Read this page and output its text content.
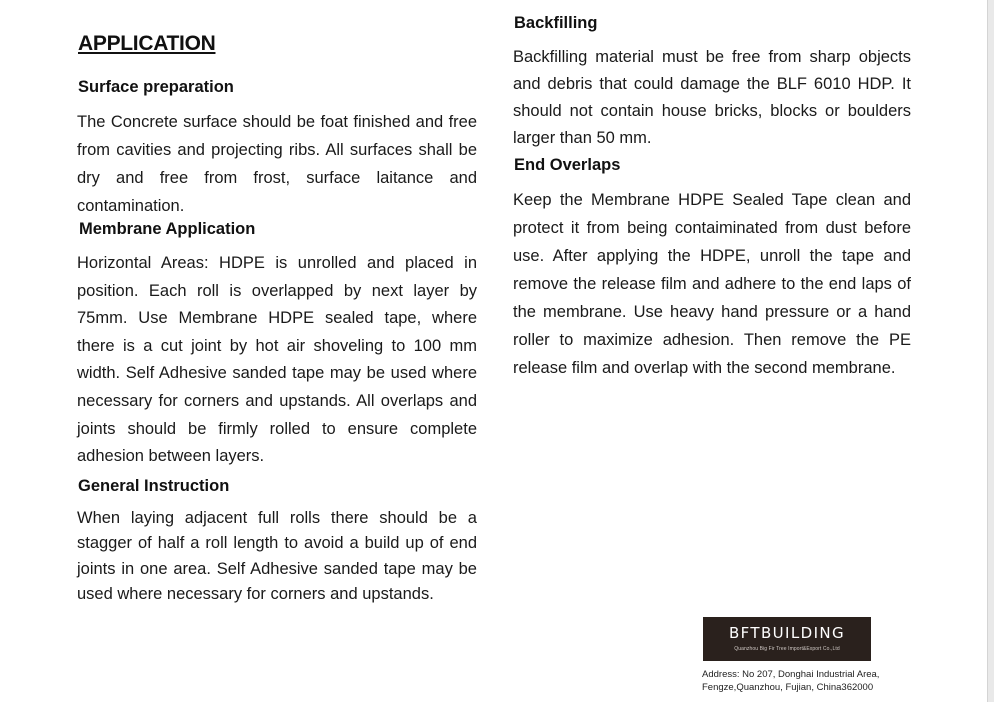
APPLICATION
Surface preparation

The Concrete surface should be foat finished and free from cavities and projecting ribs. All surfaces shall be dry and free from frost, surface laitance and contamination.

Membrane Application

Horizontal Areas: HDPE is unrolled and placed in position. Each roll is overlapped by next layer by 75mm. Use Membrane HDPE sealed tape, where there is a cut joint by hot air shoveling to 100 mm width. Self Adhesive sanded tape may be used where necessary for corners and upstands. All overlaps and joints should be firmly rolled to ensure complete adhesion between layers.

General Instruction

When laying adjacent full rolls there should be a stagger of half a roll length to avoid a build up of end joints in one area. Self Adhesive sanded tape may be used where necessary for corners and upstands.

Backfilling

Backfilling material must be free from sharp objects and debris that could damage the BLF 6010 HDP. It should not contain house bricks, blocks or boulders larger than 50 mm.

End Overlaps

Keep the Membrane HDPE Sealed Tape clean and protect it from being contaiminated from dust before use. After applying the HDPE, unroll the tape and remove the release film and adhere to the end laps of the membrane. Use heavy hand pressure or a hand roller to maximize adhesion. Then remove the PE release film and overlap with the second membrane.

BFTBUILDING
Quanzhou Big Fir Tree Import&Export Co.,Ltd

Address: No 207, Donghai Industrial Area,
Fengze,Quanzhou, Fujian, China362000
